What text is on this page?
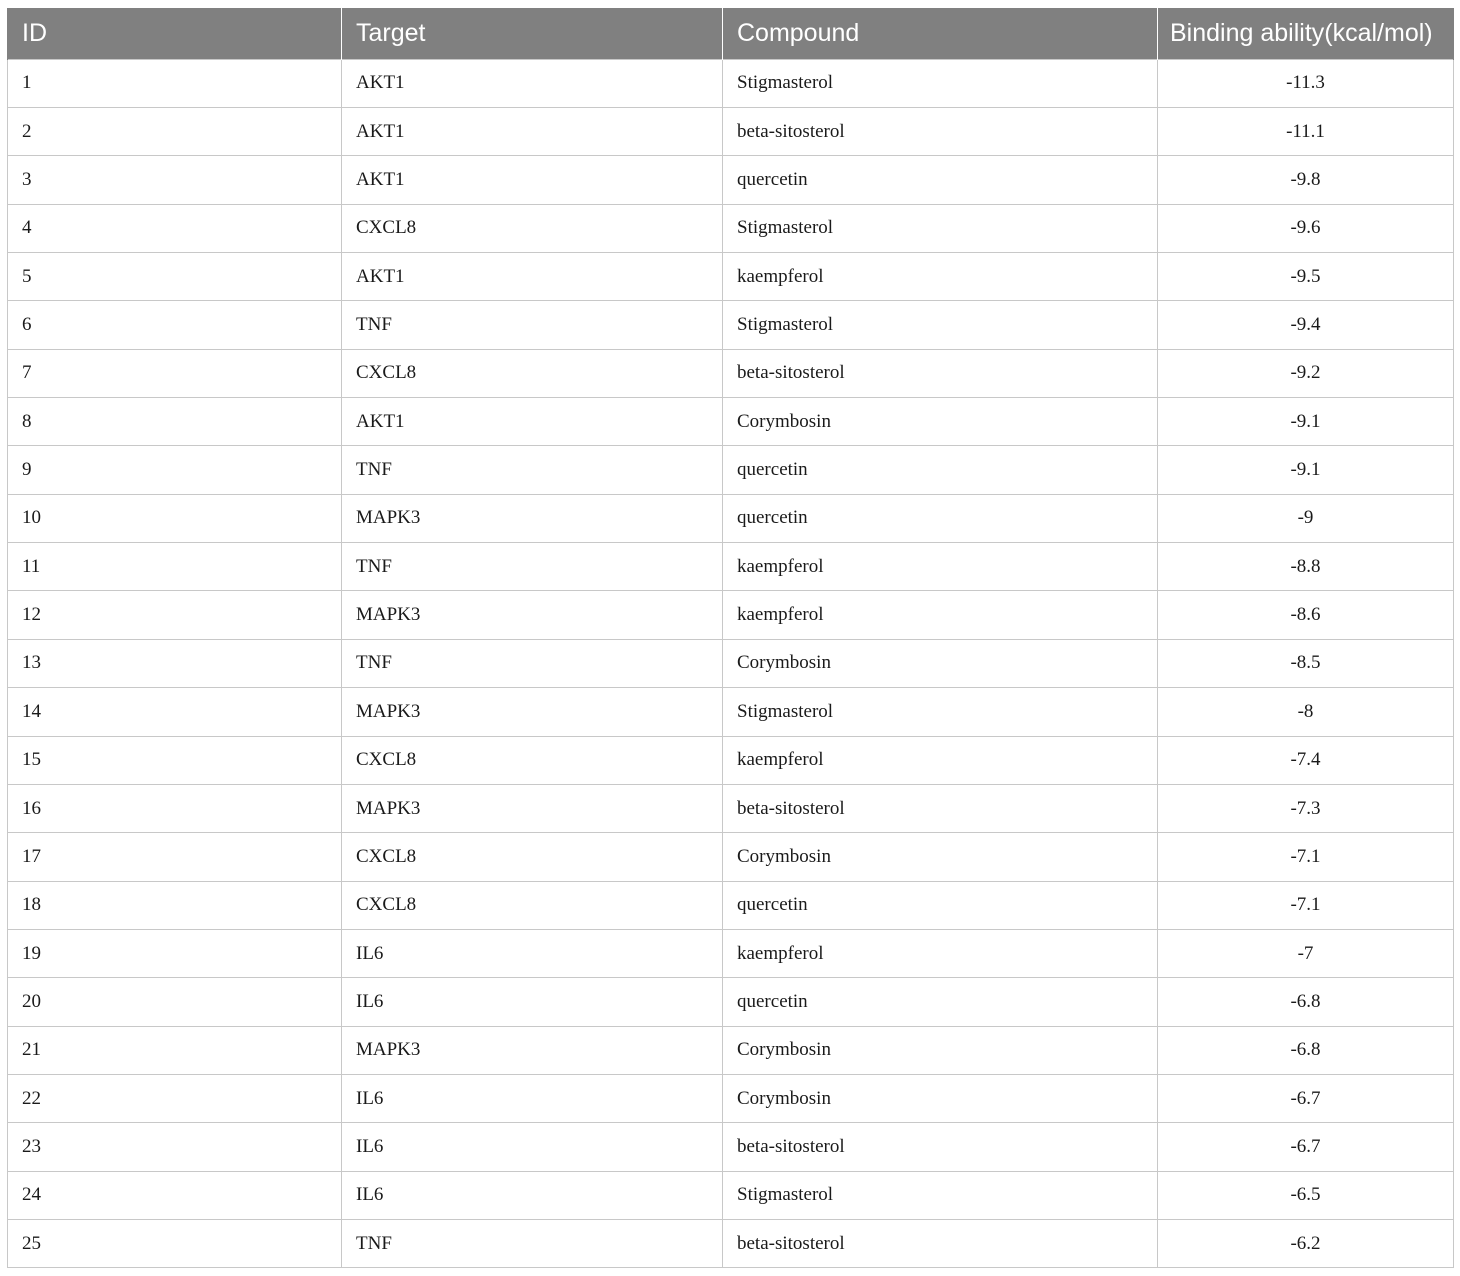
ID	Target	Compound	Binding ability(kcal/mol)
1	AKT1	Stigmasterol	-11.3
2	AKT1	beta-sitosterol	-11.1
3	AKT1	quercetin	-9.8
4	CXCL8	Stigmasterol	-9.6
5	AKT1	kaempferol	-9.5
6	TNF	Stigmasterol	-9.4
7	CXCL8	beta-sitosterol	-9.2
8	AKT1	Corymbosin	-9.1
9	TNF	quercetin	-9.1
10	MAPK3	quercetin	-9
11	TNF	kaempferol	-8.8
12	MAPK3	kaempferol	-8.6
13	TNF	Corymbosin	-8.5
14	MAPK3	Stigmasterol	-8
15	CXCL8	kaempferol	-7.4
16	MAPK3	beta-sitosterol	-7.3
17	CXCL8	Corymbosin	-7.1
18	CXCL8	quercetin	-7.1
19	IL6	kaempferol	-7
20	IL6	quercetin	-6.8
21	MAPK3	Corymbosin	-6.8
22	IL6	Corymbosin	-6.7
23	IL6	beta-sitosterol	-6.7
24	IL6	Stigmasterol	-6.5
25	TNF	beta-sitosterol	-6.2
